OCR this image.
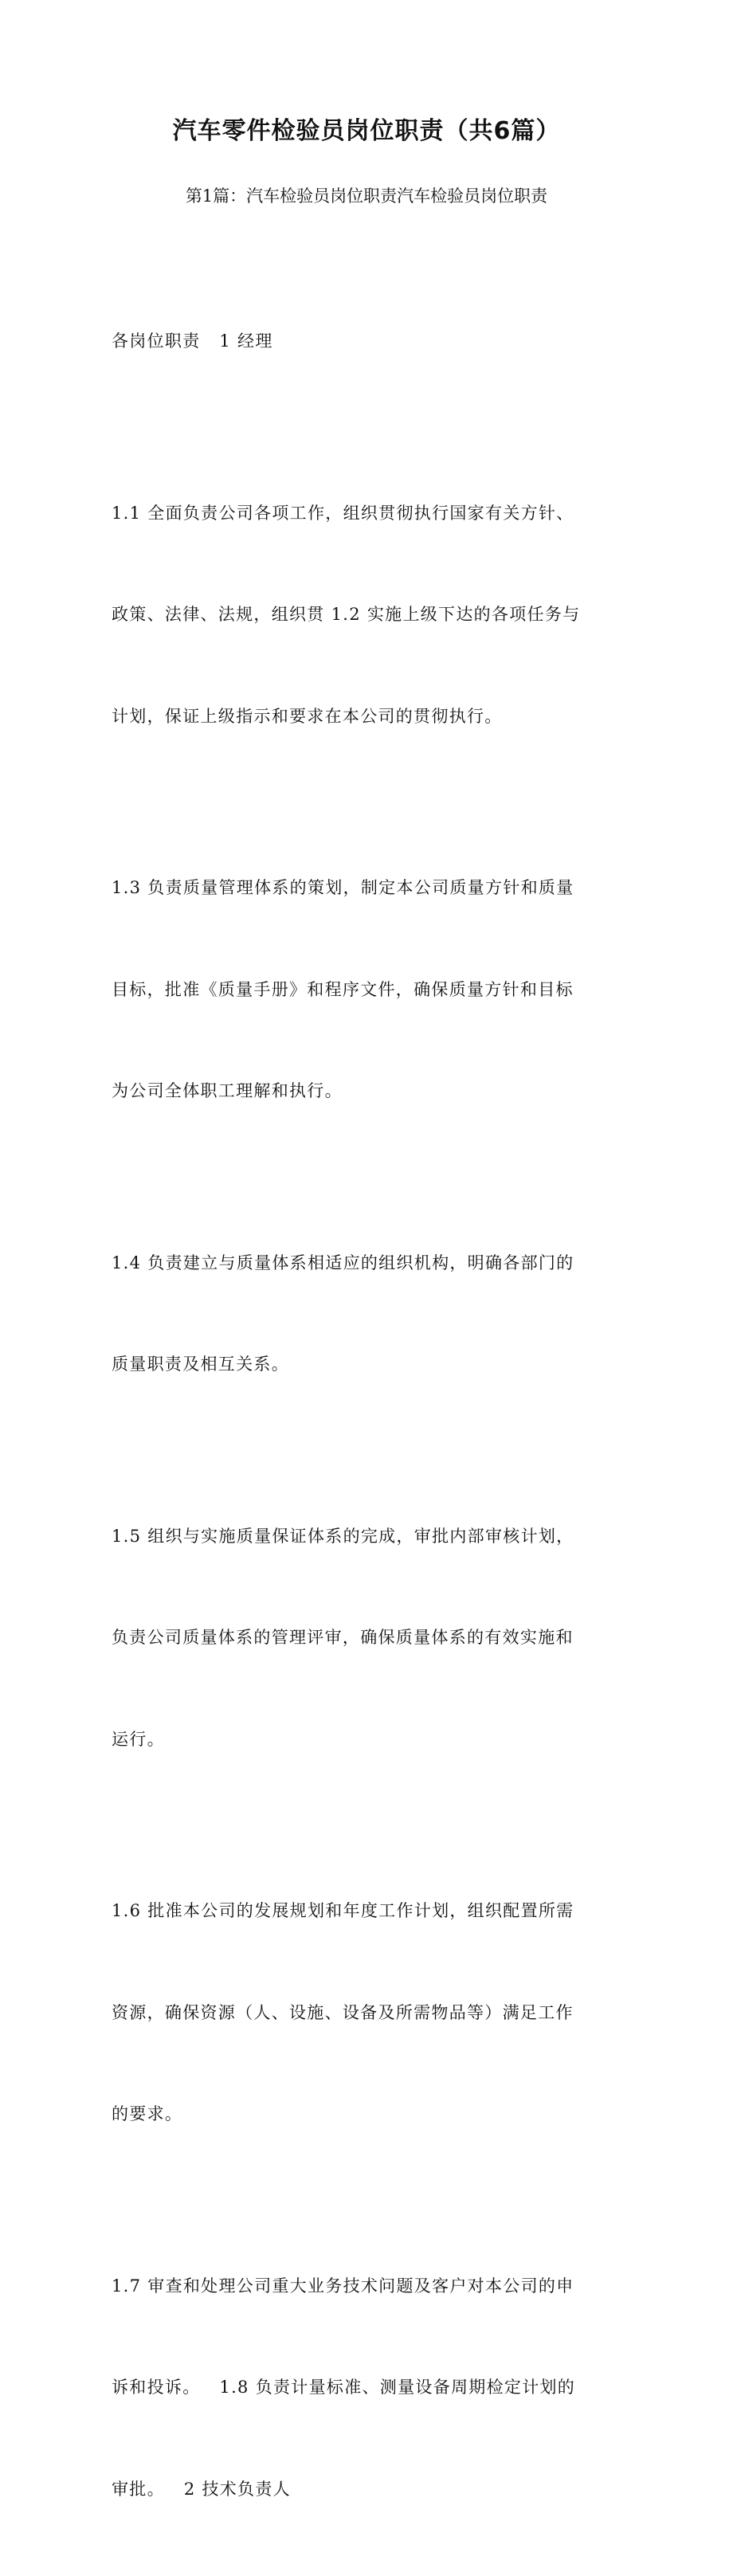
汽车零件检验员岗位职责（共6篇）

第1篇：汽车检验员岗位职责汽车检验员岗位职责

各岗位职责   1 经理

1.1 全面负责公司各项工作，组织贯彻执行国家有关方针、

政策、法律、法规，组织贯 1.2 实施上级下达的各项任务与

计划，保证上级指示和要求在本公司的贯彻执行。

1.3 负责质量管理体系的策划，制定本公司质量方针和质量

目标，批准《质量手册》和程序文件，确保质量方针和目标

为公司全体职工理解和执行。

1.4 负责建立与质量体系相适应的组织机构，明确各部门的

质量职责及相互关系。

1.5 组织与实施质量保证体系的完成，审批内部审核计划，

负责公司质量体系的管理评审，确保质量体系的有效实施和

运行。

1.6 批准本公司的发展规划和年度工作计划，组织配置所需

资源，确保资源（人、设施、设备及所需物品等）满足工作

的要求。

1.7 审查和处理公司重大业务技术问题及客户对本公司的申

诉和投诉。   1.8 负责计量标准、测量设备周期检定计划的

审批。   2 技术负责人
